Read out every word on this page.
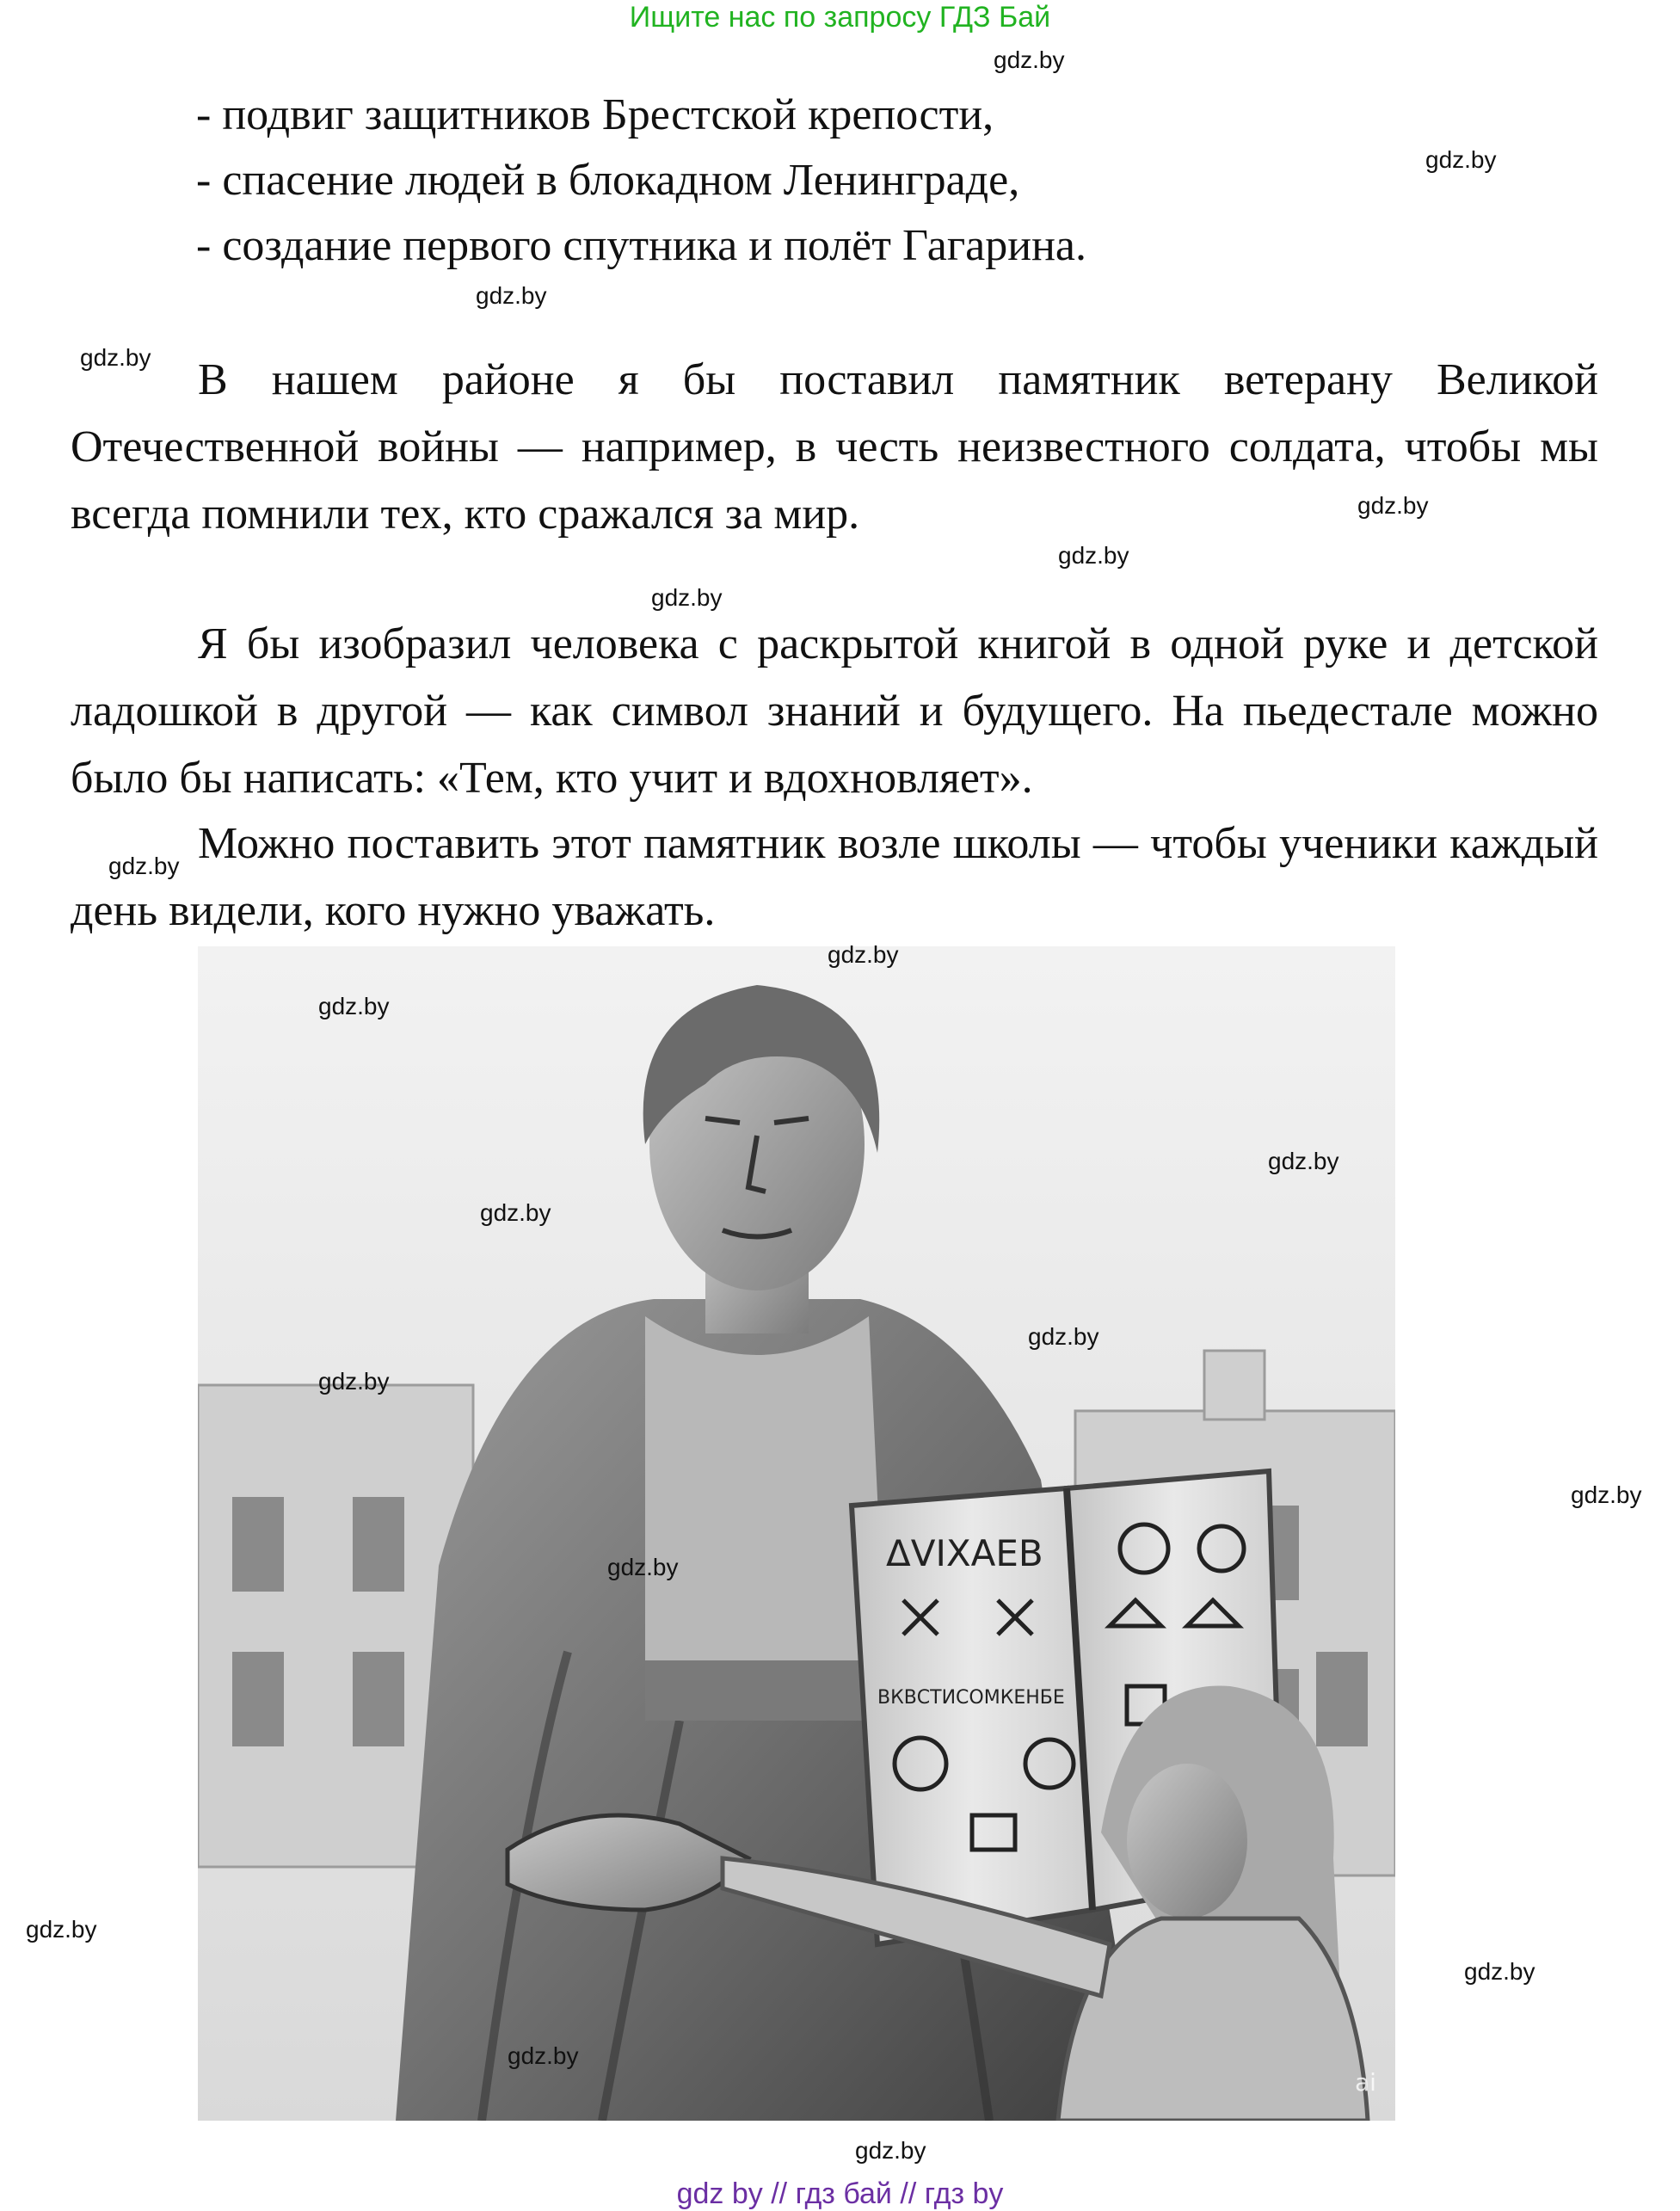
Ищите нас по запросу ГДЗ Бай
gdz.by
gdz.by
gdz.by
gdz.by
gdz.by
gdz.by
gdz.by
gdz.by
gdz.by
gdz.by
gdz.by
gdz.by
gdz.by
gdz.by
gdz.by
gdz.by
gdz.by
gdz.by
gdz.by
gdz.by
- подвиг защитников Брестской крепости,
- спасение людей в блокадном Ленинграде,
- создание первого спутника и полёт Гагарина.

В нашем районе я бы поставил памятник ветерану Великой Отечественной войны — например, в честь неизвестного солдата, чтобы мы всегда помнили тех, кто сражался за мир.

Я бы изобразил человека с раскрытой книгой в одной руке и детской ладошкой в другой — как символ знаний и будущего. На пьедестале можно было бы написать: «Тем, кто учит и вдохновляет».

Можно поставить этот памятник возле школы — чтобы ученики каждый день видели, кого нужно уважать.

ΔVIXAEB
ВКВСТИСОМКЕНБЕ
ai
gdz by // гдз бай // гдз by
